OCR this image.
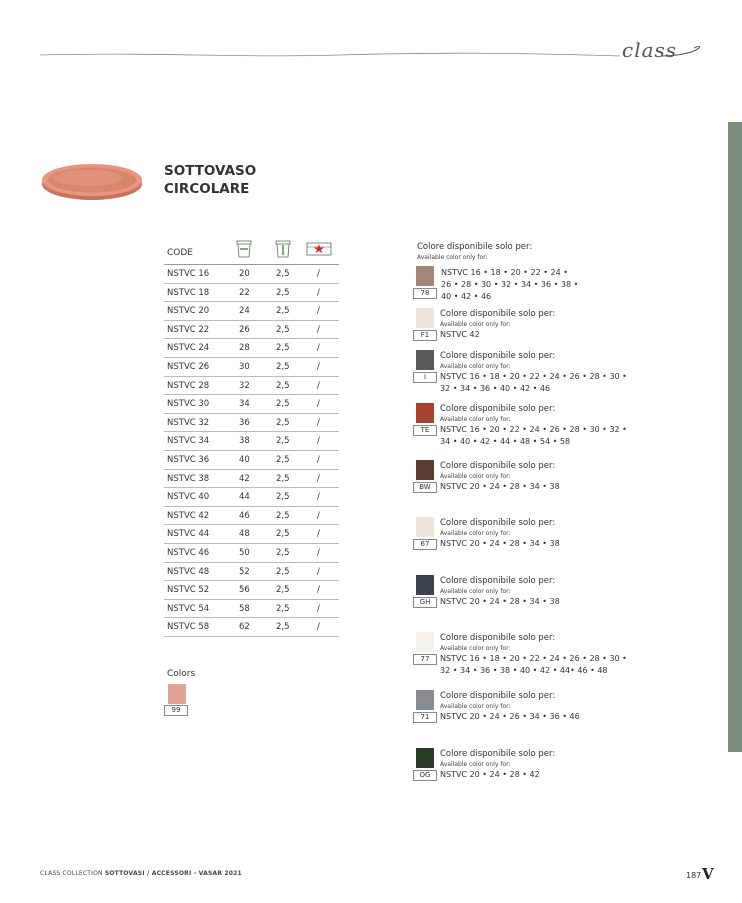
class
SOTTOVASO
CIRCOLARE
CODE
NSTVC 16	20	2,5	/
NSTVC 18	22	2,5	/
NSTVC 20	24	2,5	/
NSTVC 22	26	2,5	/
NSTVC 24	28	2,5	/
NSTVC 26	30	2,5	/
NSTVC 28	32	2,5	/
NSTVC 30	34	2,5	/
NSTVC 32	36	2,5	/
NSTVC 34	38	2,5	/
NSTVC 36	40	2,5	/
NSTVC 38	42	2,5	/
NSTVC 40	44	2,5	/
NSTVC 42	46	2,5	/
NSTVC 44	48	2,5	/
NSTVC 46	50	2,5	/
NSTVC 48	52	2,5	/
NSTVC 52	56	2,5	/
NSTVC 54	58	2,5	/
NSTVC 58	62	2,5	/
Colors
99
Colore disponibile solo per:
Available color only for:
78
NSTVC 16 • 18 • 20 • 22 • 24 •
26 • 28 • 30 • 32 • 34 • 36 • 38 •
40 • 42 • 46
F1
Colore disponibile solo per:
Available color only for:
NSTVC 42
I
Colore disponibile solo per:
Available color only for:
NSTVC 16 • 18 • 20 • 22 • 24 • 26 • 28 • 30 •
32 • 34 • 36 • 40 • 42 • 46
TE
Colore disponibile solo per:
Available color only for:
NSTVC 16 • 20 • 22 • 24 • 26 • 28 • 30 • 32 •
34 • 40 • 42 • 44 • 48 • 54 • 58
BW
Colore disponibile solo per:
Available color only for:
NSTVC 20 • 24 • 28 • 34 • 38
67
Colore disponibile solo per:
Available color only for:
NSTVC 20 • 24 • 28 • 34 • 38
GH
Colore disponibile solo per:
Available color only for:
NSTVC 20 • 24 • 28 • 34 • 38
77
Colore disponibile solo per:
Available color only for:
NSTVC 16 • 18 • 20 • 22 • 24 • 26 • 28 • 30 •
32 • 34 • 36 • 38 • 40 • 42 • 44• 46 • 48
71
Colore disponibile solo per:
Available color only for:
NSTVC 20 • 24 • 26 • 34 • 36 • 46
OG
Colore disponibile solo per:
Available color only for:
NSTVC 20 • 24 • 28 • 42
CLASS COLLECTION SOTTOVASI / ACCESSORI - VASAR 2021	187 V
